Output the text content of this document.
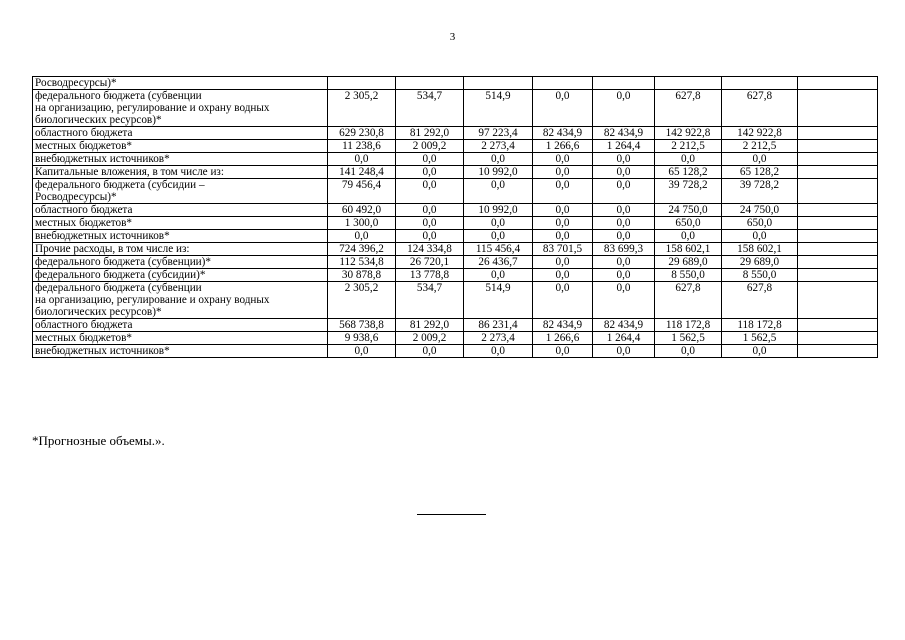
3
Росводресурсы)*								

федерального бюджета (субвенции
на организацию, регулирование и охрану водных
биологических ресурсов)*	2 305,2	534,7	514,9	0,0	0,0	627,8	627,8	

областного бюджета	629 230,8	81 292,0	97 223,4	82 434,9	82 434,9	142 922,8	142 922,8	

местных бюджетов*	11 238,6	2 009,2	2 273,4	1 266,6	1 264,4	2 212,5	2 212,5	

внебюджетных источников*	0,0	0,0	0,0	0,0	0,0	0,0	0,0	

Капитальные вложения, в том числе из:	141 248,4	0,0	10 992,0	0,0	0,0	65 128,2	65 128,2	

федерального бюджета (субсидии –
Росводресурсы)*	79 456,4	0,0	0,0	0,0	0,0	39 728,2	39 728,2	

областного бюджета	60 492,0	0,0	10 992,0	0,0	0,0	24 750,0	24 750,0	

местных бюджетов*	1 300,0	0,0	0,0	0,0	0,0	650,0	650,0	

внебюджетных источников*	0,0	0,0	0,0	0,0	0,0	0,0	0,0	

Прочие расходы, в том числе из:	724 396,2	124 334,8	115 456,4	83 701,5	83 699,3	158 602,1	158 602,1	

федерального бюджета (субвенции)*	112 534,8	26 720,1	26 436,7	0,0	0,0	29 689,0	29 689,0	

федерального бюджета (субсидии)*	30 878,8	13 778,8	0,0	0,0	0,0	8 550,0	8 550,0	

федерального бюджета (субвенции
на организацию, регулирование и охрану водных
биологических ресурсов)*	2 305,2	534,7	514,9	0,0	0,0	627,8	627,8	

областного бюджета	568 738,8	81 292,0	86 231,4	82 434,9	82 434,9	118 172,8	118 172,8	

местных бюджетов*	9 938,6	2 009,2	2 273,4	1 266,6	1 264,4	1 562,5	1 562,5	

внебюджетных источников*	0,0	0,0	0,0	0,0	0,0	0,0	0,0	
*Прогнозные объемы.».
